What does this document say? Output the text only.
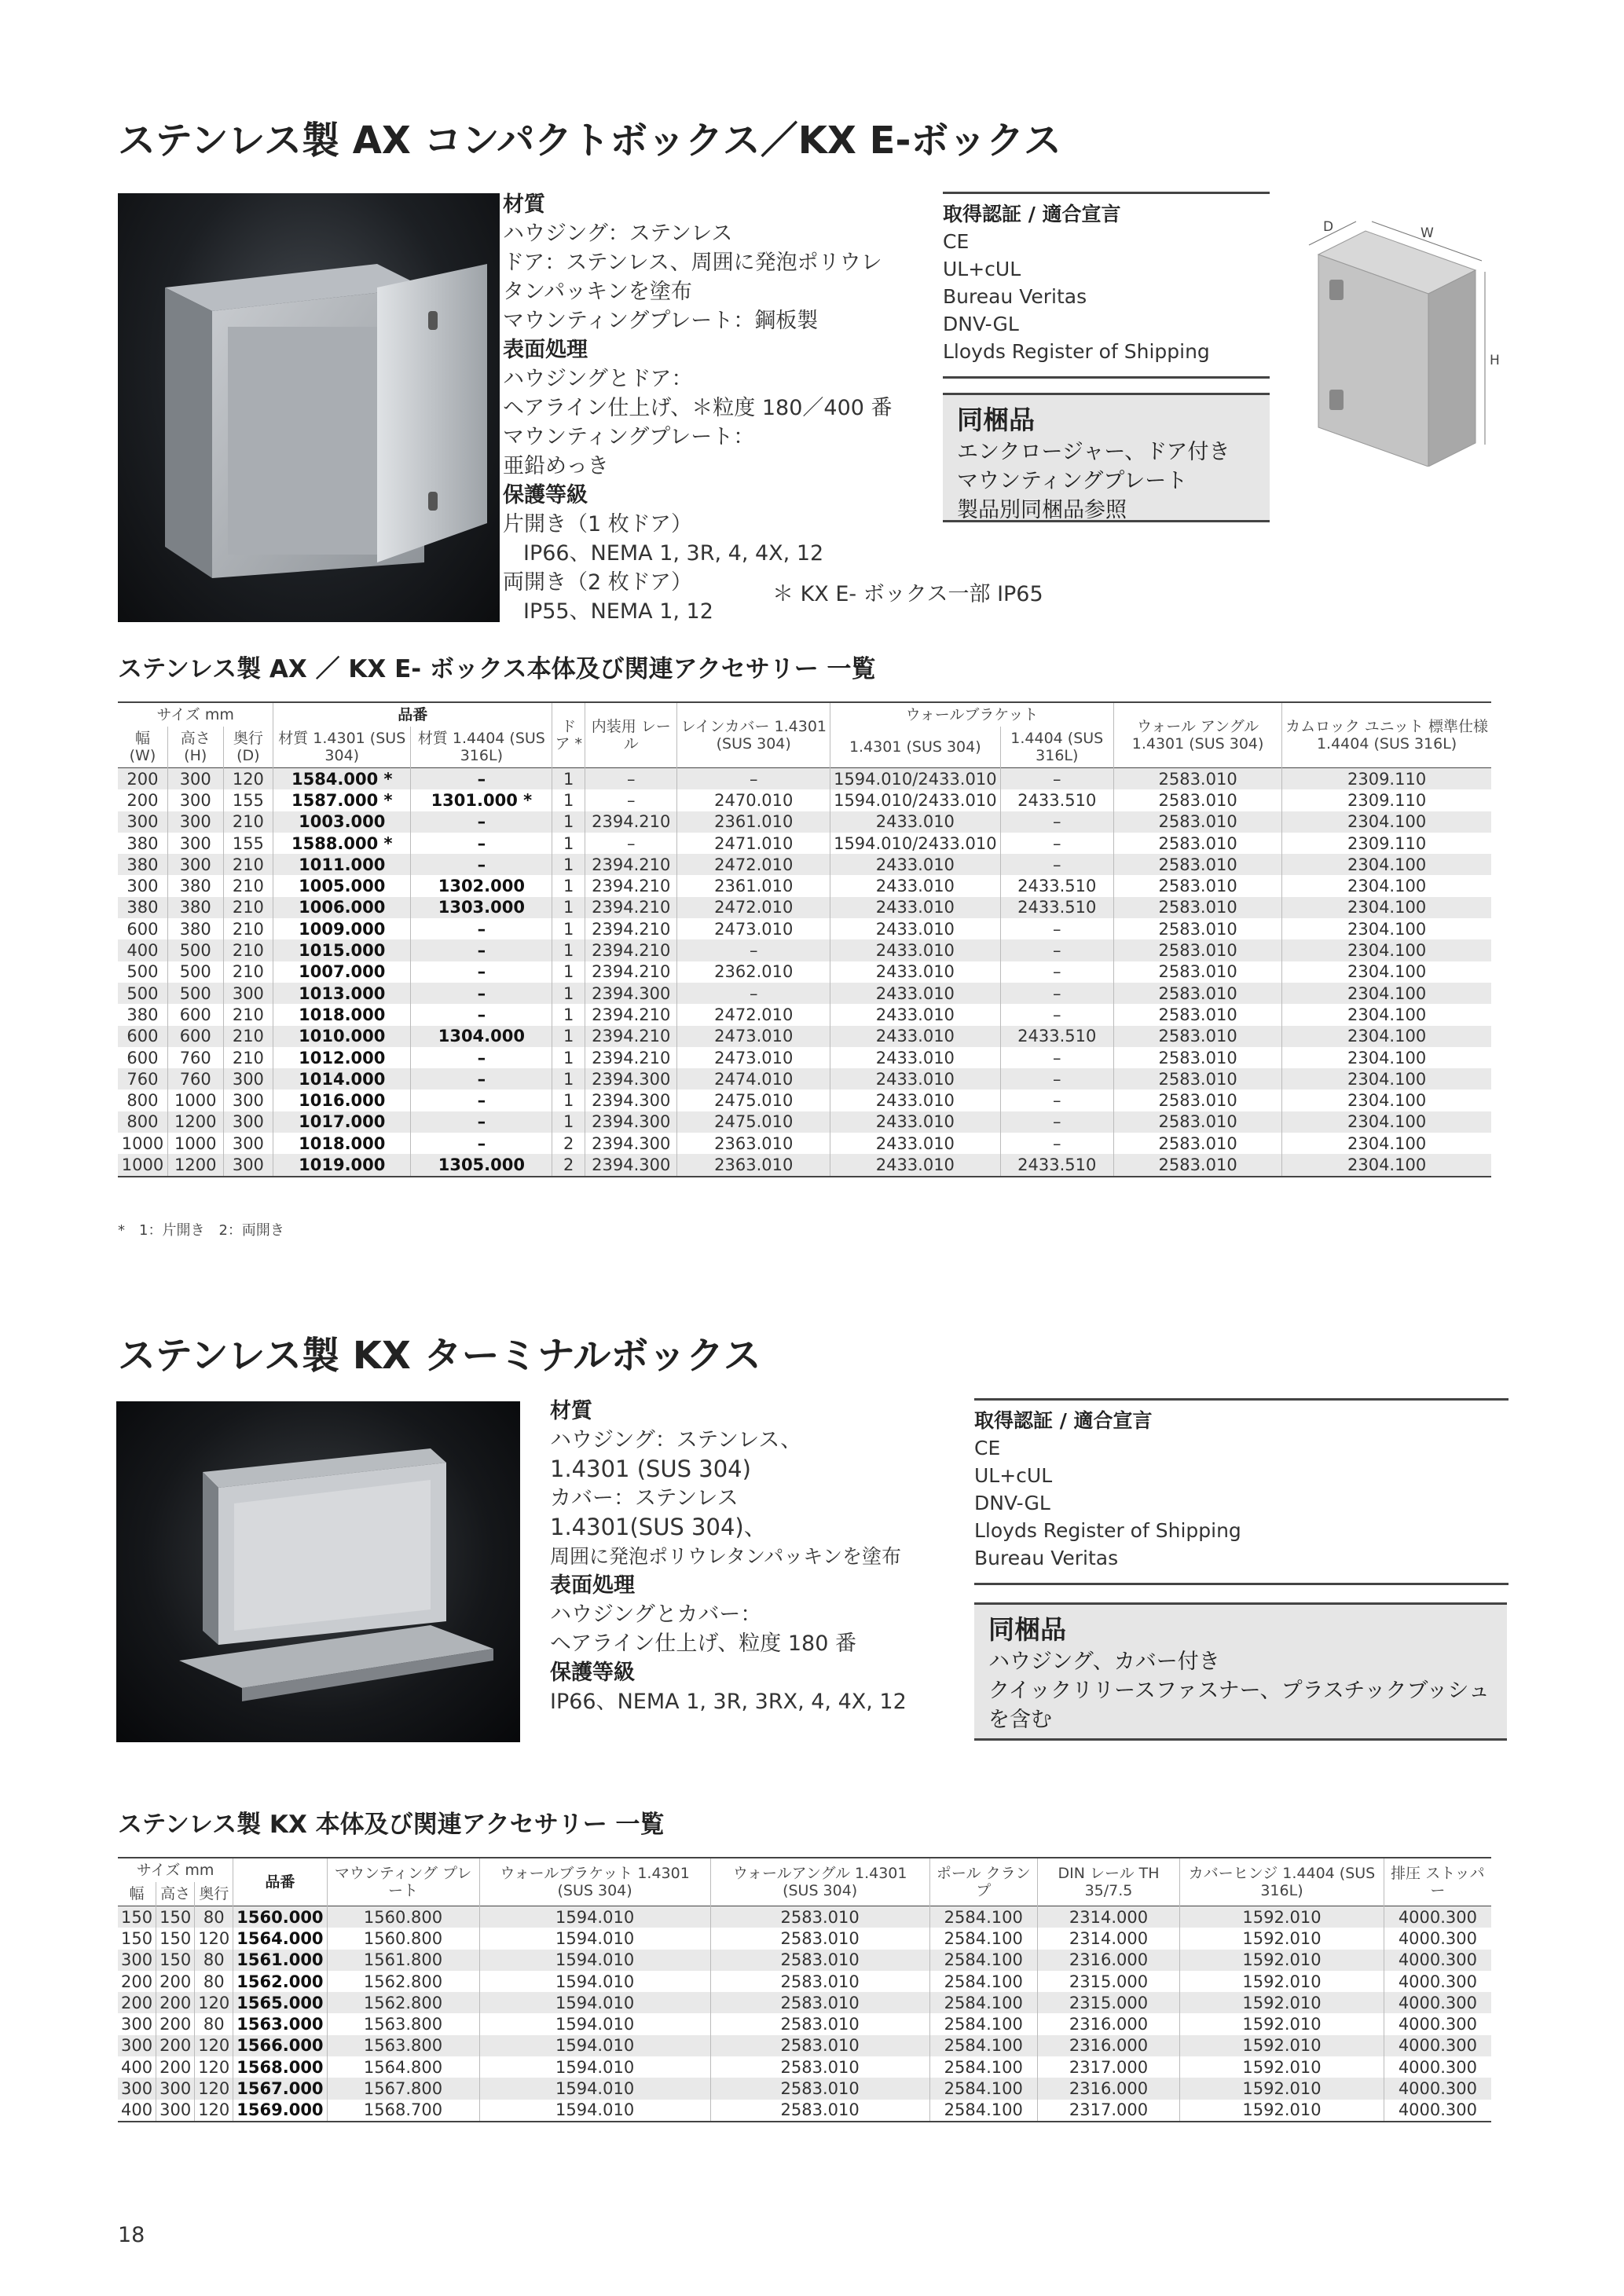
ステンレス製 AX コンパクトボックス／KX E-ボックス
材質
ハウジング：ステンレス
ドア：ステンレス、周囲に発泡ポリウレ
タンパッキンを塗布
マウンティングプレート：鋼板製
表面処理
ハウジングとドア：
ヘアライン仕上げ、＊粒度 180／400 番
マウンティングプレート：
亜鉛めっき
保護等級
片開き（1 枚ドア）
IP66、NEMA 1, 3R, 4, 4X, 12
両開き（2 枚ドア）
IP55、NEMA 1, 12
＊ KX E- ボックス一部 IP65
取得認証 / 適合宣言
CE
UL+cUL
Bureau Veritas
DNV-GL
Lloyds Register of Shipping
同梱品
エンクロージャー、ドア付き
マウンティングプレート
製品別同梱品参照
D	W
H
ステンレス製 AX ／ KX E- ボックス本体及び関連アクセサリー 一覧
サイズ mm			品番		ドア *	内装用 レール	レインカバー 1.4301 (SUS 304)	ウォールブラケット		ウォール アングル 1.4301 (SUS 304)	カムロック ユニット 標準仕様 1.4404 (SUS 316L)
幅 (W)	高さ (H)	奥行 (D)	材質 1.4301 (SUS 304)	材質 1.4404 (SUS 316L)				1.4301 (SUS 304)	1.4404 (SUS 316L)		
200	300	120	1584.000 *	–	1	–	–	1594.010/2433.010	–	2583.010	2309.110
200	300	155	1587.000 *	1301.000 *	1	–	2470.010	1594.010/2433.010	2433.510	2583.010	2309.110
300	300	210	1003.000	–	1	2394.210	2361.010	2433.010	–	2583.010	2304.100
380	300	155	1588.000 *	–	1	–	2471.010	1594.010/2433.010	–	2583.010	2309.110
380	300	210	1011.000	–	1	2394.210	2472.010	2433.010	–	2583.010	2304.100
300	380	210	1005.000	1302.000	1	2394.210	2361.010	2433.010	2433.510	2583.010	2304.100
380	380	210	1006.000	1303.000	1	2394.210	2472.010	2433.010	2433.510	2583.010	2304.100
600	380	210	1009.000	–	1	2394.210	2473.010	2433.010	–	2583.010	2304.100
400	500	210	1015.000	–	1	2394.210	–	2433.010	–	2583.010	2304.100
500	500	210	1007.000	–	1	2394.210	2362.010	2433.010	–	2583.010	2304.100
500	500	300	1013.000	–	1	2394.300	–	2433.010	–	2583.010	2304.100
380	600	210	1018.000	–	1	2394.210	2472.010	2433.010	–	2583.010	2304.100
600	600	210	1010.000	1304.000	1	2394.210	2473.010	2433.010	2433.510	2583.010	2304.100
600	760	210	1012.000	–	1	2394.210	2473.010	2433.010	–	2583.010	2304.100
760	760	300	1014.000	–	1	2394.300	2474.010	2433.010	–	2583.010	2304.100
800	1000	300	1016.000	–	1	2394.300	2475.010	2433.010	–	2583.010	2304.100
800	1200	300	1017.000	–	1	2394.300	2475.010	2433.010	–	2583.010	2304.100
1000	1000	300	1018.000	–	2	2394.300	2363.010	2433.010	–	2583.010	2304.100
1000	1200	300	1019.000	1305.000	2	2394.300	2363.010	2433.010	2433.510	2583.010	2304.100
*　1：片開き　2：両開き
ステンレス製 KX ターミナルボックス
材質
ハウジング：ステンレス、
1.4301 (SUS 304)
カバー：ステンレス
1.4301(SUS 304)、
周囲に発泡ポリウレタンパッキンを塗布
表面処理
ハウジングとカバー：
ヘアライン仕上げ、粒度 180 番
保護等級
IP66、NEMA 1, 3R, 3RX, 4, 4X, 12
取得認証 / 適合宣言
CE
UL+cUL
DNV-GL
Lloyds Register of Shipping
Bureau Veritas
同梱品
ハウジング、カバー付き
クイックリリースファスナー、プラスチックブッシュ
を含む
ステンレス製 KX 本体及び関連アクセサリー 一覧
サイズ mm			品番	マウンティング プレート	ウォールブラケット 1.4301 (SUS 304)	ウォールアングル 1.4301 (SUS 304)	ポール クランプ	DIN レール TH 35/7.5	カバーヒンジ 1.4404 (SUS 316L)	排圧 ストッパー
幅	高さ	奥行								
150	150	80	1560.000	1560.800	1594.010	2583.010	2584.100	2314.000	1592.010	4000.300
150	150	120	1564.000	1560.800	1594.010	2583.010	2584.100	2314.000	1592.010	4000.300
300	150	80	1561.000	1561.800	1594.010	2583.010	2584.100	2316.000	1592.010	4000.300
200	200	80	1562.000	1562.800	1594.010	2583.010	2584.100	2315.000	1592.010	4000.300
200	200	120	1565.000	1562.800	1594.010	2583.010	2584.100	2315.000	1592.010	4000.300
300	200	80	1563.000	1563.800	1594.010	2583.010	2584.100	2316.000	1592.010	4000.300
300	200	120	1566.000	1563.800	1594.010	2583.010	2584.100	2316.000	1592.010	4000.300
400	200	120	1568.000	1564.800	1594.010	2583.010	2584.100	2317.000	1592.010	4000.300
300	300	120	1567.000	1567.800	1594.010	2583.010	2584.100	2316.000	1592.010	4000.300
400	300	120	1569.000	1568.700	1594.010	2583.010	2584.100	2317.000	1592.010	4000.300
18
